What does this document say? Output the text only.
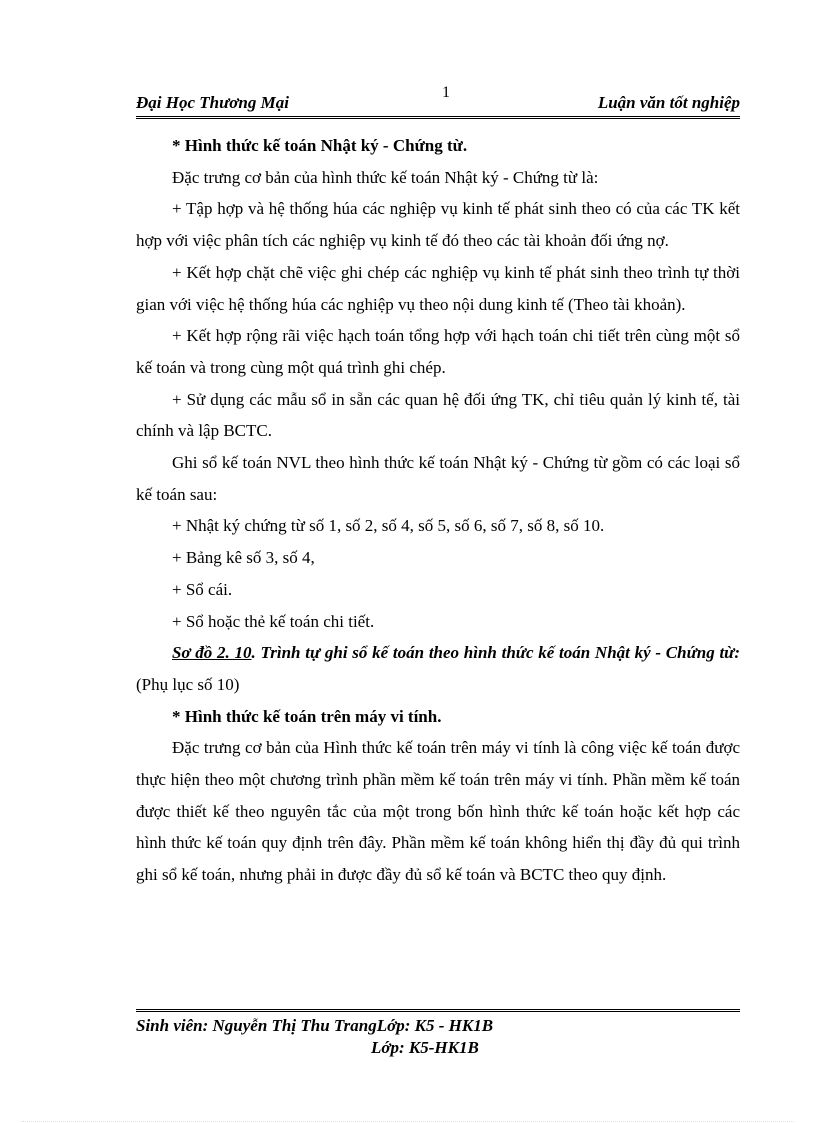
1
Đại Học Thương Mại	Luận văn tốt nghiệp

* Hình thức kế toán Nhật ký - Chứng từ.

Đặc trưng cơ bản của hình thức kế toán Nhật ký - Chứng từ là:

+ Tập hợp và hệ thống húa các nghiệp vụ kinh tế phát sinh theo có của các TK kết hợp với việc phân tích các nghiệp vụ kinh tế đó theo các tài khoản đối ứng nợ.

+ Kết hợp chặt chẽ việc ghi chép các nghiệp vụ kinh tế phát sinh theo trình tự thời gian với việc hệ thống húa các nghiệp vụ theo nội dung kinh tế (Theo tài khoản).

+ Kết hợp rộng rãi việc hạch toán tổng hợp với hạch toán chi tiết trên cùng một sổ kế toán và trong cùng một quá trình ghi chép.

+ Sử dụng các mẫu sổ in sẵn các quan hệ đối ứng TK, chỉ tiêu quản lý kinh tế, tài chính và lập BCTC.

Ghi sổ kế toán NVL theo hình thức kế toán Nhật ký - Chứng từ gồm có các loại sổ kế toán sau:

+ Nhật ký chứng từ số 1, số 2, số 4, số 5, số 6, số 7, số 8, số 10.

+ Bảng kê số 3, số 4,

+ Sổ cái.

+ Sổ hoặc thẻ kế toán chi tiết.

Sơ đồ 2. 10. Trình tự ghi sổ kế toán theo hình thức kế toán Nhật ký - Chứng từ: (Phụ lục số 10)

* Hình thức kế toán trên máy vi tính.

Đặc trưng cơ bản của Hình thức kế toán trên máy vi tính là công việc kế toán được thực hiện theo một chương trình phần mềm kế toán trên máy vi tính. Phần mềm kế toán được thiết kế theo nguyên tắc của một trong bốn hình thức kế toán hoặc kết hợp các hình thức kế toán quy định trên đây. Phần mềm kế toán không hiển thị đầy đủ qui trình ghi sổ kế toán, nhưng phải in được đầy đủ sổ kế toán và BCTC theo quy định.

Sinh viên: Nguyễn Thị Thu TrangLớp: K5 - HK1B
Lớp: K5-HK1B
